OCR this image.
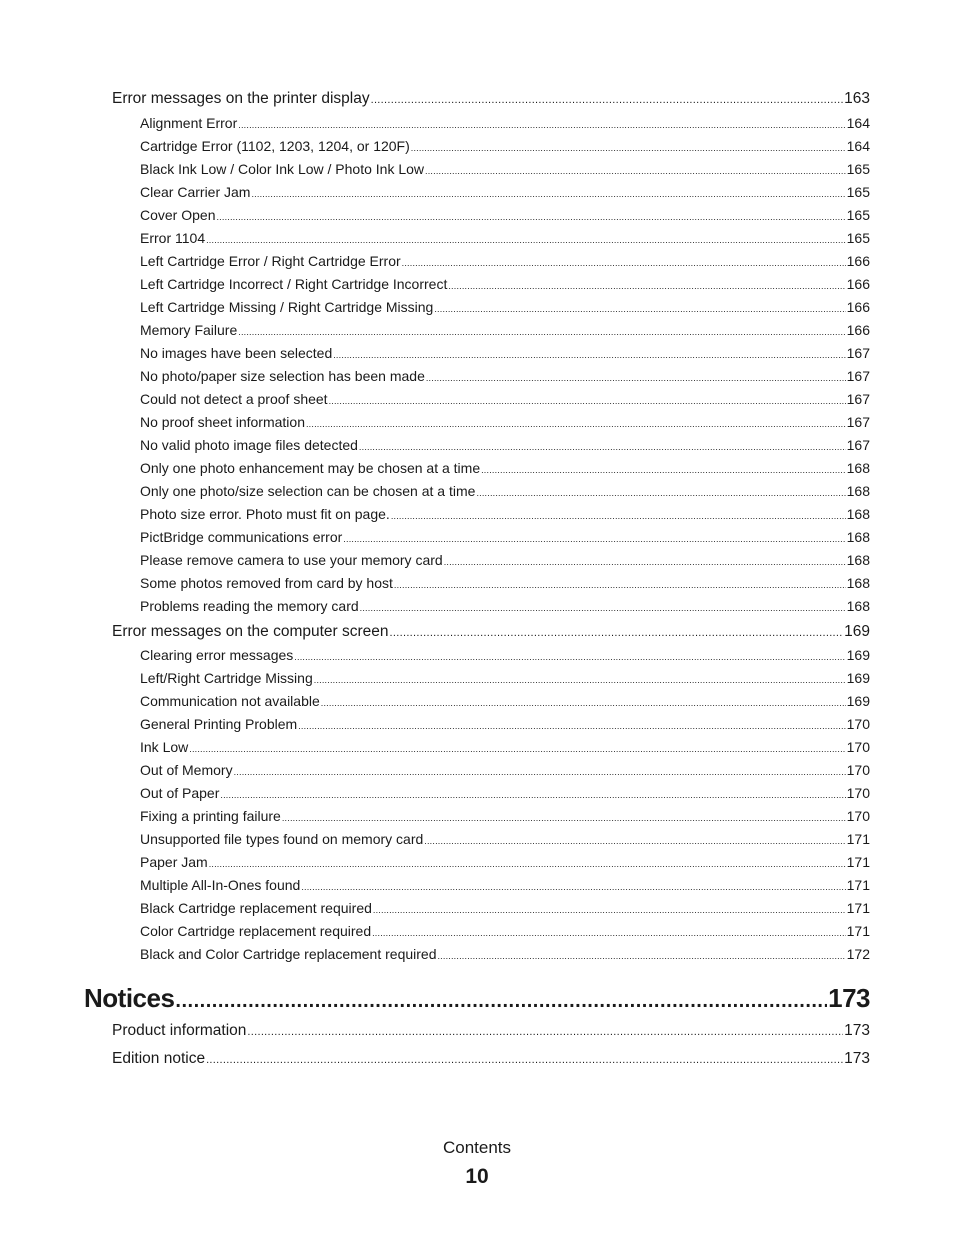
Error messages on the printer display .....	163
Alignment Error .....	164
Cartridge Error (1102, 1203, 1204, or 120F) .....	164
Black Ink Low / Color Ink Low / Photo Ink Low .....	165
Clear Carrier Jam .....	165
Cover Open .....	165
Error 1104 .....	165
Left Cartridge Error / Right Cartridge Error .....	166
Left Cartridge Incorrect / Right Cartridge Incorrect .....	166
Left Cartridge Missing / Right Cartridge Missing .....	166
Memory Failure .....	166
No images have been selected .....	167
No photo/paper size selection has been made .....	167
Could not detect a proof sheet .....	167
No proof sheet information .....	167
No valid photo image files detected .....	167
Only one photo enhancement may be chosen at a time .....	168
Only one photo/size selection can be chosen at a time .....	168
Photo size error. Photo must fit on page. .....	168
PictBridge communications error .....	168
Please remove camera to use your memory card .....	168
Some photos removed from card by host .....	168
Problems reading the memory card .....	168
Error messages on the computer screen .....	169
Clearing error messages .....	169
Left/Right Cartridge Missing .....	169
Communication not available .....	169
General Printing Problem .....	170
Ink Low .....	170
Out of Memory .....	170
Out of Paper .....	170
Fixing a printing failure .....	170
Unsupported file types found on memory card .....	171
Paper Jam .....	171
Multiple All-In-Ones found .....	171
Black Cartridge replacement required .....	171
Color Cartridge replacement required .....	171
Black and Color Cartridge replacement required .....	172
Notices .....	173
Product information .....	173
Edition notice .....	173
Contents
10
